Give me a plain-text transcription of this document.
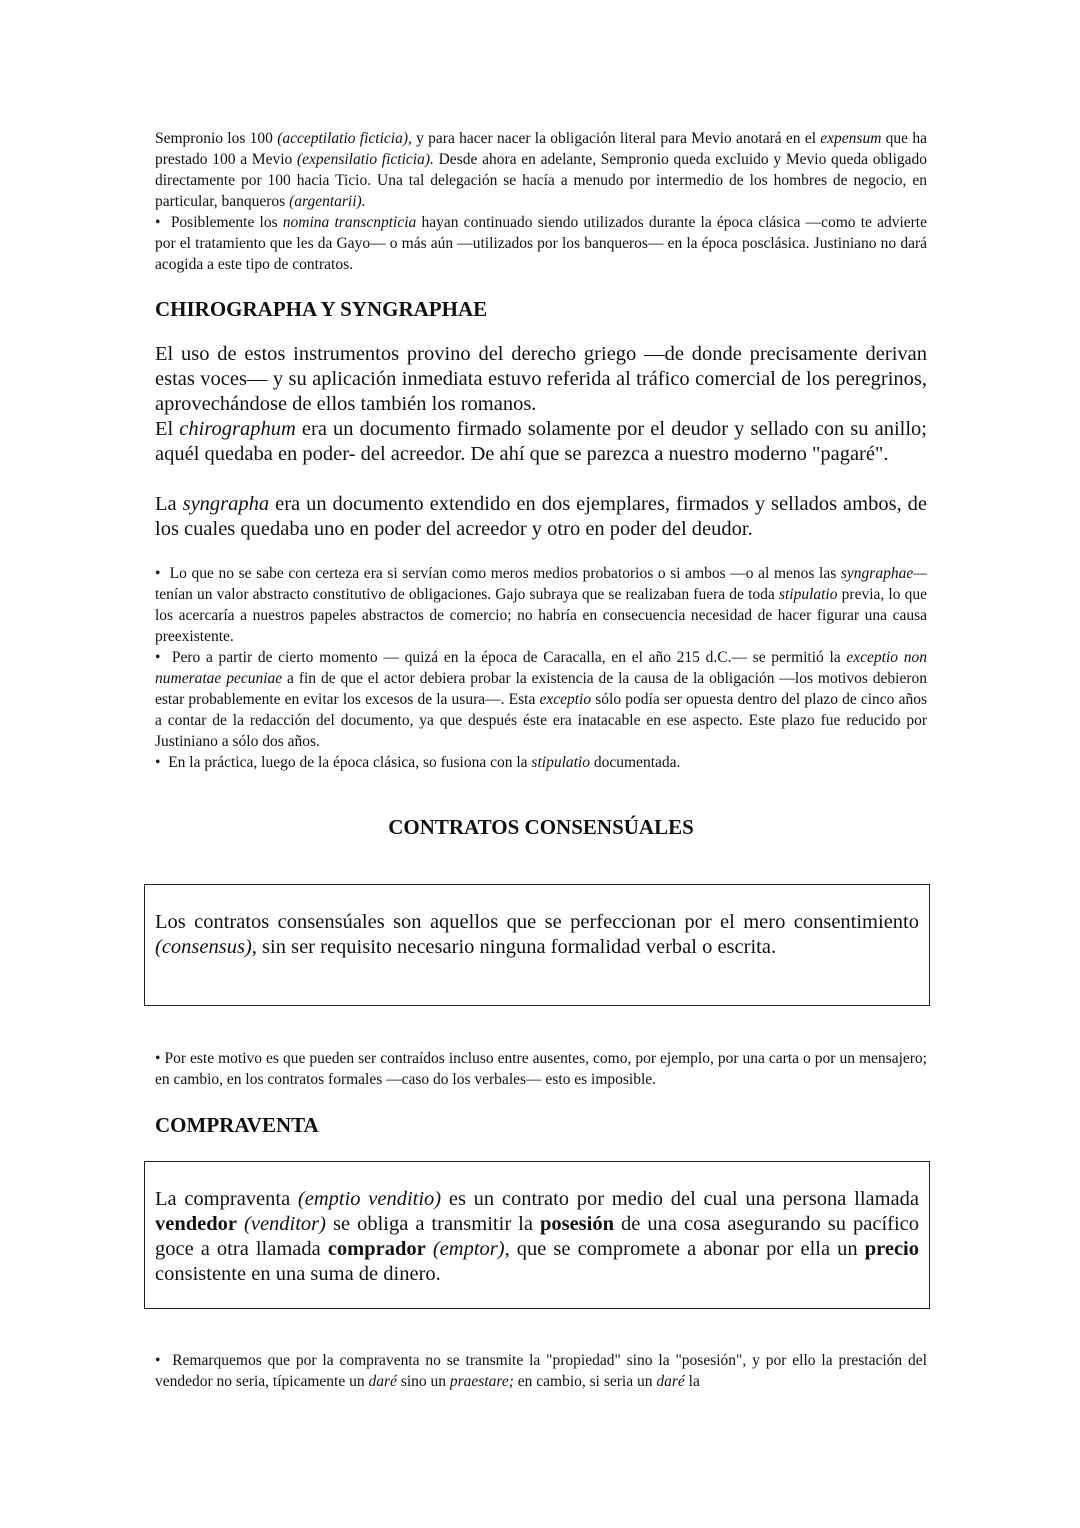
Sempronio los 100 (acceptilatio ficticia), y para hacer nacer la obligación literal para Mevio anotará en el expensum que ha prestado 100 a Mevio (expensilatio ficticia). Desde ahora en adelante, Sempronio queda excluido y Mevio queda obligado directamente por 100 hacia Ticio. Una tal delegación se hacía a menudo por intermedio de los hombres de negocio, en particular, banqueros (argentarii).

•  Posiblemente los nomina transcnpticia hayan continuado siendo utilizados durante la época clásica —como te advierte por el tratamiento que les da Gayo— o más aún —utilizados por los banqueros— en la época posclásica. Justiniano no dará acogida a este tipo de contratos.

CHIROGRAPHA Y SYNGRAPHAE

El uso de estos instrumentos provino del derecho griego —de donde precisamente derivan estas voces— y su aplicación inmediata estuvo referida al tráfico comercial de los peregrinos, aprovechándose de ellos también los romanos.

El chirographum era un documento firmado solamente por el deudor y sellado con su anillo; aquél quedaba en poder- del acreedor. De ahí que se parezca a nuestro moderno "pagaré".

La syngrapha era un documento extendido en dos ejemplares, firmados y sellados ambos, de los cuales quedaba uno en poder del acreedor y otro en poder del deudor.

•  Lo que no se sabe con certeza era si servían como meros medios probatorios o si ambos —o al menos las syngraphae— tenían un valor abstracto constitutivo de obligaciones. Gajo subraya que se realizaban fuera de toda stipulatio previa, lo que los acercaría a nuestros papeles abstractos de comercio; no habría en consecuencia necesidad de hacer figurar una causa preexistente.

•  Pero a partir de cierto momento — quizá en la época de Caracalla, en el año 215 d.C.— se permitió la exceptio non numeratae pecuniae a fin de que el actor debiera probar la existencia de la causa de la obligación —los motivos debieron estar probablemente en evitar los excesos de la usura—. Esta exceptio sólo podía ser opuesta dentro del plazo de cinco años a contar de la redacción del documento, ya que después éste era inatacable en ese aspecto. Este plazo fue reducido por Justiniano a sólo dos años.

•  En la práctica, luego de la época clásica, so fusiona con la stipulatio documentada.

CONTRATOS CONSENSÚALES

Los contratos consensúales son aquellos que se perfeccionan por el mero consentimiento (consensus), sin ser requisito necesario ninguna formalidad verbal o escrita.

• Por este motivo es que pueden ser contraídos incluso entre ausentes, como, por ejemplo, por una carta o por un mensajero; en cambio, en los contratos formales —caso do los verbales— esto es imposible.

COMPRAVENTA

La compraventa (emptio venditio) es un contrato por medio del cual una persona llamada vendedor (venditor) se obliga a transmitir la posesión de una cosa asegurando su pacífico goce a otra llamada comprador (emptor), que se compromete a abonar por ella un precio consistente en una suma de dinero.

•  Remarquemos que por la compraventa no se transmite la "propiedad" sino la "posesión", y por ello la prestación del vendedor no seria, típicamente un daré sino un praestare; en cambio, si seria un daré la
